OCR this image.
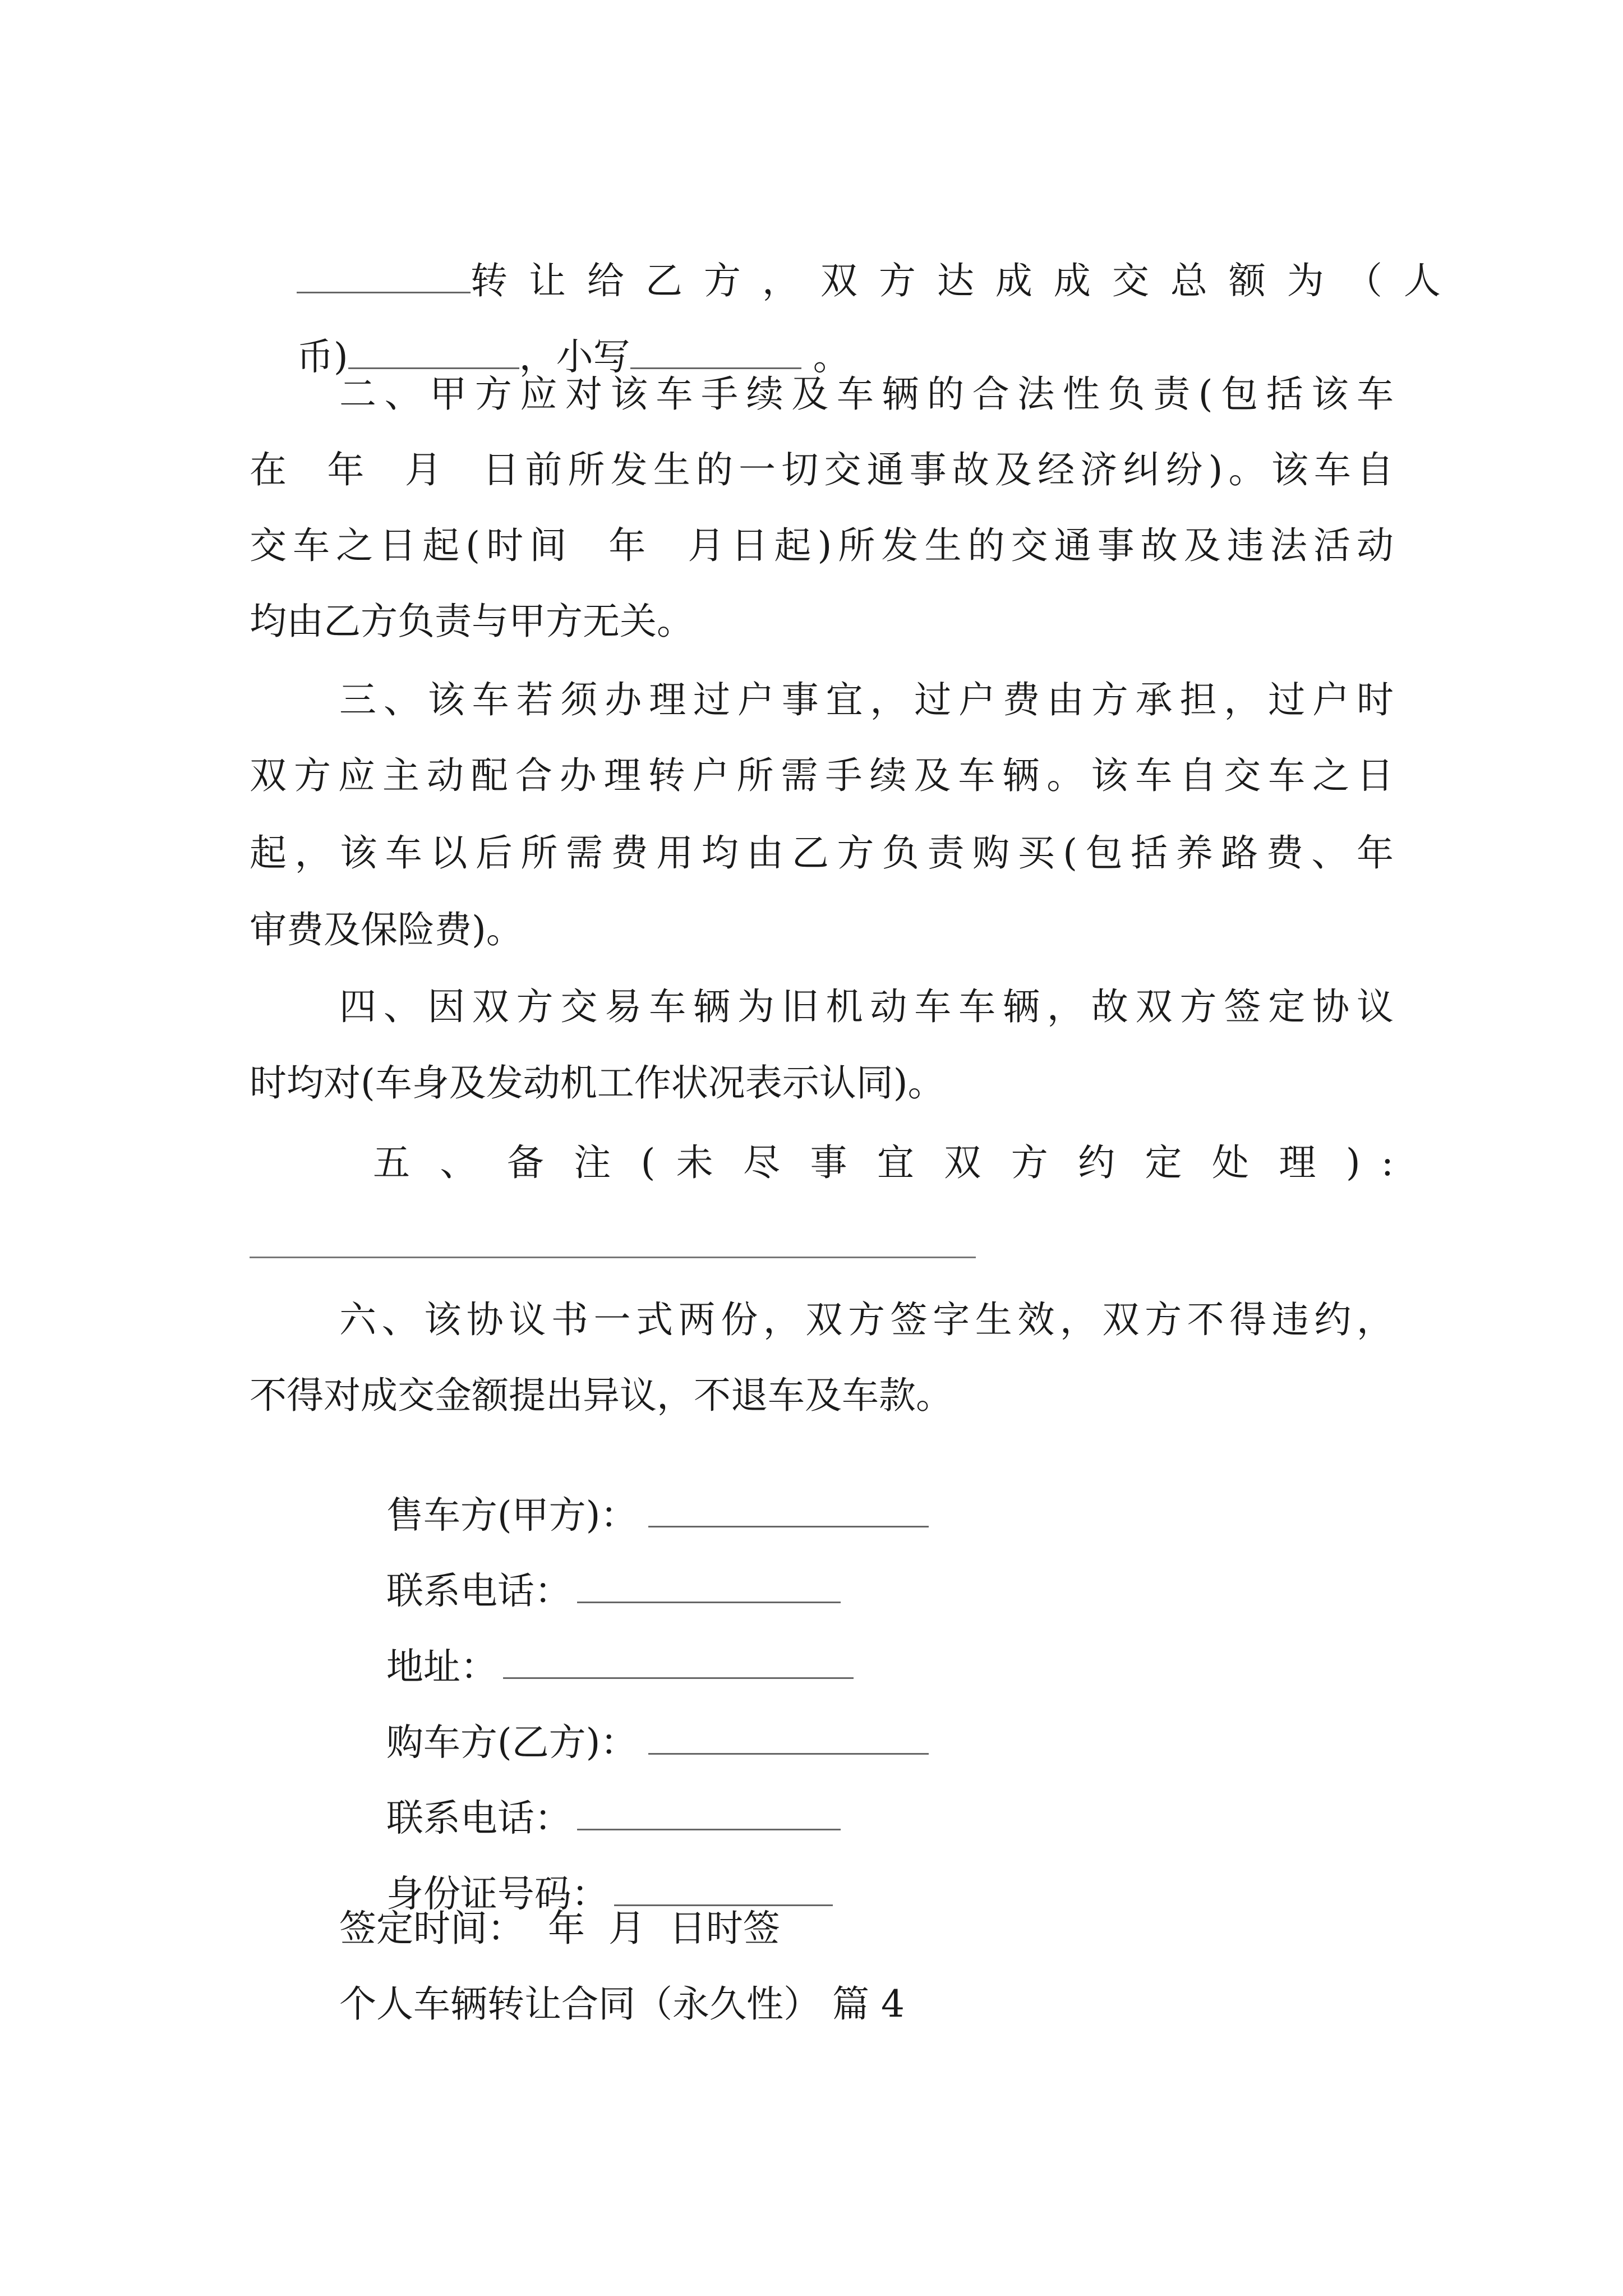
转 让 给 乙 方 ， 双 方 达 成 成 交 总 额 为 （ 人

币)	，小写	。

二、甲方应对该车手续及车辆的合法性负责(包括该车
在  年  月  日前所发生的一切交通事故及经济纠纷)。该车自
交车之日起(时间  年  月日起)所发生的交通事故及违法活动
均由乙方负责与甲方无关。
三、该车若须办理过户事宜，过户费由方承担，过户时
双方应主动配合办理转户所需手续及车辆。该车自交车之日
起，该车以后所需费用均由乙方负责购买(包括养路费、年
审费及保险费)。
四、因双方交易车辆为旧机动车车辆，故双方签定协议
时均对(车身及发动机工作状况表示认同)。
五 、 备 注 ( 未 尽 事 宜 双 方 约 定 处 理 ) :
六、该协议书一式两份，双方签字生效，双方不得违约，
不得对成交金额提出异议，不退车及车款。

售车方(甲方)：

联系电话：

地址：

购车方(乙方)：

联系电话：

身份证号码：

签定时间：  年  月  日时签
个人车辆转让合同（永久性） 篇 4
